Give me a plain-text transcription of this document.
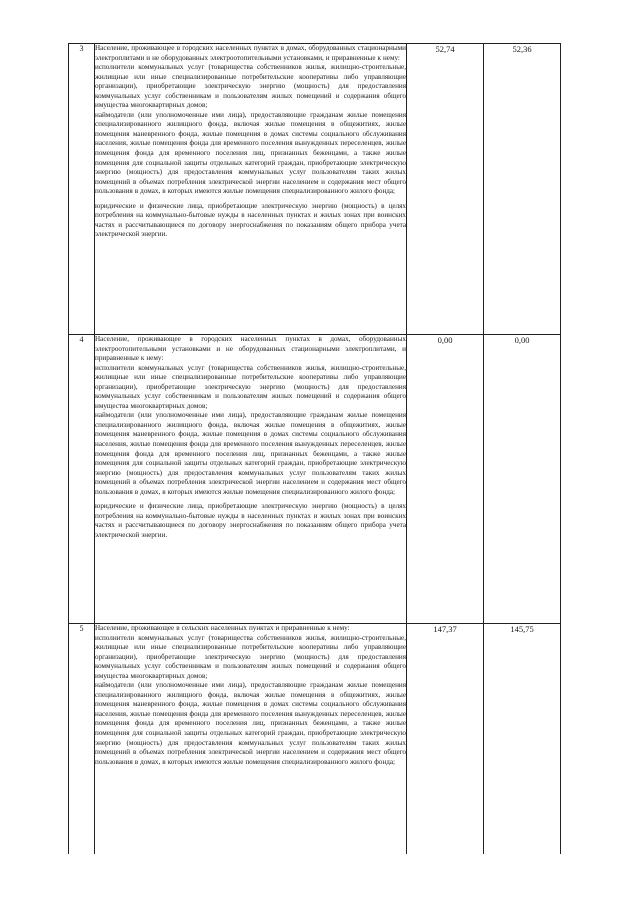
3	Население, проживающее в городских населенных пунктах в домах, оборудованных стационарными электроплитами и не оборудованных электроотопительными установками, и приравненные к нему:

исполнители коммунальных услуг (товарищества собственников жилья, жилищно-строительные, жилищные или иные специализированные потребительские кооперативы либо управляющие организации), приобретающие электрическую энергию (мощность) для предоставления коммунальных услуг собственникам и пользователям жилых помещений и содержания общего имущества многоквартирных домов;

наймодатели (или уполномоченные ими лица), предоставляющие гражданам жилые помещения специализированного жилищного фонда, включая жилые помещения в общежитиях, жилые помещения маневренного фонда, жилые помещения в домах системы социального обслуживания населения, жилые помещения фонда для временного поселения вынужденных переселенцев, жилые помещения фонда для временного поселения лиц, признанных беженцами, а также жилые помещения для социальной защиты отдельных категорий граждан, приобретающие электрическую энергию (мощность) для предоставления коммунальных услуг пользователям таких жилых помещений в объемах потребления электрической энергии населением и содержания мест общего пользования в домах, в которых имеются жилые помещения специализированного жилого фонда;

юридические и физические лица, приобретающие электрическую энергию (мощность) в целях потребления на коммунально-бытовые нужды в населенных пунктах и жилых зонах при воинских частях и рассчитывающиеся по договору энергоснабжения по показаниям общего прибора учета электрической энергии.	52,74	52,36
4	Население, проживающее в городских населенных пунктах в домах, оборудованных электроотопительными установками и не оборудованных стационарными электроплитами, и приравненные к нему:

исполнители коммунальных услуг (товарищества собственников жилья, жилищно-строительные, жилищные или иные специализированные потребительские кооперативы либо управляющие организации), приобретающие электрическую энергию (мощность) для предоставления коммунальных услуг собственникам и пользователям жилых помещений и содержания общего имущества многоквартирных домов;

наймодатели (или уполномоченные ими лица), предоставляющие гражданам жилые помещения специализированного жилищного фонда, включая жилые помещения в общежитиях, жилые помещения маневренного фонда, жилые помещения в домах системы социального обслуживания населения, жилые помещения фонда для временного поселения вынужденных переселенцев, жилые помещения фонда для временного поселения лиц, признанных беженцами, а также жилые помещения для социальной защиты отдельных категорий граждан, приобретающие электрическую энергию (мощность) для предоставления коммунальных услуг пользователям таких жилых помещений в объемах потребления электрической энергии населением и содержания мест общего пользования в домах, в которых имеются жилые помещения специализированного жилого фонда;

юридические и физические лица, приобретающие электрическую энергию (мощность) в целях потребления на коммунально-бытовые нужды в населенных пунктах и жилых зонах при воинских частях и рассчитывающиеся по договору энергоснабжения по показаниям общего прибора учета электрической энергии.	0,00	0,00
5	Население, проживающее в сельских населенных пунктах и приравненные к нему:

исполнители коммунальных услуг (товарищества собственников жилья, жилищно-строительные, жилищные или иные специализированные потребительские кооперативы либо управляющие организации), приобретающие электрическую энергию (мощность) для предоставления коммунальных услуг собственникам и пользователям жилых помещений и содержания общего имущества многоквартирных домов;

наймодатели (или уполномоченные ими лица), предоставляющие гражданам жилые помещения специализированного жилищного фонда, включая жилые помещения в общежитиях, жилые помещения маневренного фонда, жилые помещения в домах системы социального обслуживания населения, жилые помещения фонда для временного поселения вынужденных переселенцев, жилые помещения фонда для временного поселения лиц, признанных беженцами, а также жилые помещения для социальной защиты отдельных категорий граждан, приобретающие электрическую энергию (мощность) для предоставления коммунальных услуг пользователям таких жилых помещений в объемах потребления электрической энергии населением и содержания мест общего пользования в домах, в которых имеются жилые помещения специализированного жилого фонда;	147,37	145,75
